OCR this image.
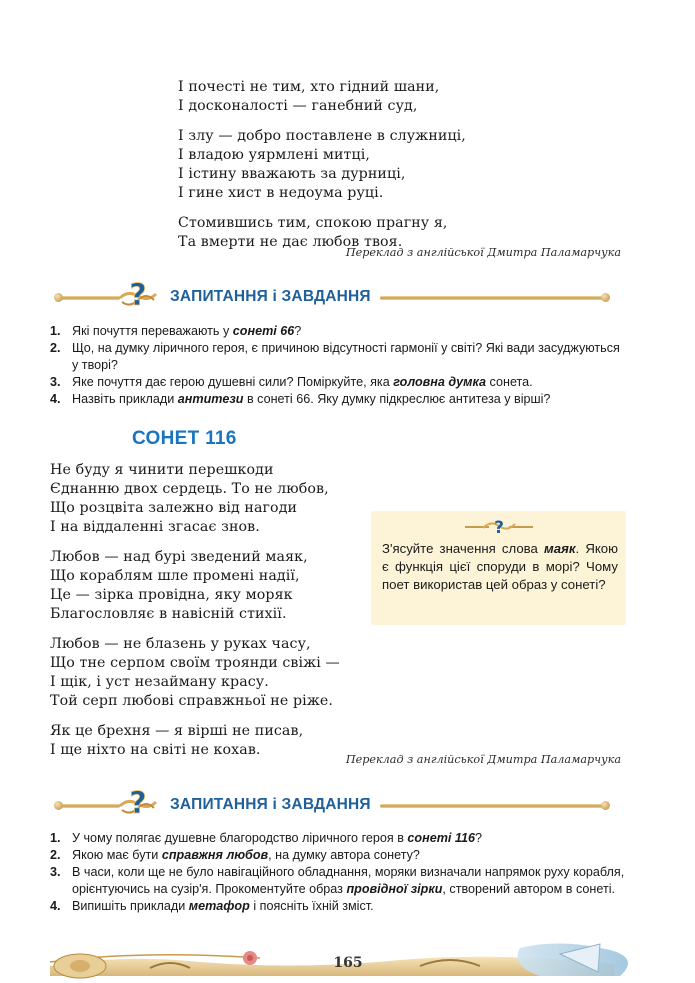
І почесті не тим, хто гідний шани,
І досконалості — ганебний суд,
І злу — добро поставлене в служниці,
І владою уярмлені митці,
І істину вважають за дурниці,
І гине хист в недоума руці.
Стомившись тим, спокою прагну я,
Та вмерти не дає любов твоя.
Переклад з англійської Дмитра Паламарчука
? ЗАПИТАННЯ і ЗАВДАННЯ
1. Які почуття переважають у сонеті 66?
2. Що, на думку ліричного героя, є причиною відсутності гармонії у світі? Які вади засуджуються у творі?
3. Яке почуття дає герою душевні сили? Поміркуйте, яка головна думка сонета.
4. Назвіть приклади антитези в сонеті 66. Яку думку підкреслює антитеза у вірші?
СОНЕТ 116
Не буду я чинити перешкоди
Єднанню двох сердець. То не любов,
Що розцвіта залежно від нагоди
І на віддаленні згасає знов.
Любов — над бурі зведений маяк,
Що кораблям шле промені надії,
Це — зірка провідна, яку моряк
Благословляє в навісній стихії.
Любов — не блазень у руках часу,
Що тне серпом своїм троянди свіжі —
І щік, і уст незайману красу.
Той серп любові справжньої не ріже.
Як це брехня — я вірші не писав,
І ще ніхто на світі не кохав.
Переклад з англійської Дмитра Паламарчука
?
З'ясуйте значення слова маяк. Якою є функція цієї споруди в морі? Чому поет використав цей образ у сонеті?
? ЗАПИТАННЯ і ЗАВДАННЯ
1. У чому полягає душевне благородство ліричного героя в сонеті 116?
2. Якою має бути справжня любов, на думку автора сонету?
3. В часи, коли ще не було навігаційного обладнання, моряки визначали напрямок руху корабля, орієнтуючись на сузір'я. Прокоментуйте образ провідної зірки, створений автором в сонеті.
4. Випишіть приклади метафор і поясніть їхній зміст.
165
